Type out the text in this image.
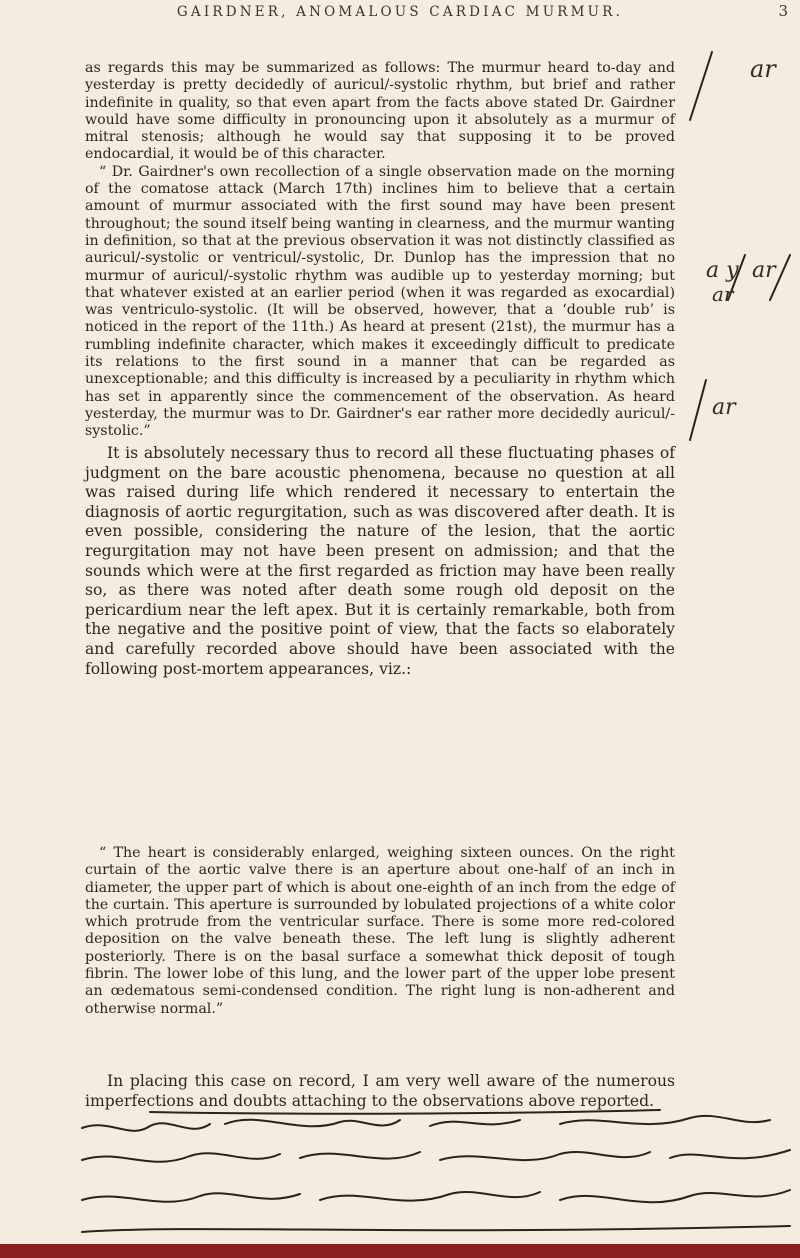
GAIRDNER, ANOMALOUS CARDIAC MURMUR.	3

as regards this may be summarized as follows: The murmur heard to-day and yesterday is pretty decidedly of auricul/-systolic rhythm, but brief and rather indefinite in quality, so that even apart from the facts above stated Dr. Gairdner would have some difficulty in pronouncing upon it absolutely as a murmur of mitral stenosis; although he would say that supposing it to be proved endocardial, it would be of this character.

“ Dr. Gairdner's own recollection of a single observation made on the morning of the comatose attack (March 17th) inclines him to believe that a certain amount of murmur associated with the first sound may have been present throughout; the sound itself being wanting in clearness, and the murmur wanting in definition, so that at the previous observation it was not distinctly classified as auricul/-systolic or ventricul/-systolic, Dr. Dunlop has the impression that no murmur of auricul/-systolic rhythm was audible up to yesterday morning; but that whatever existed at an earlier period (when it was regarded as exocardial) was ventriculo-systolic. (It will be observed, however, that a ‘double rub’ is noticed in the report of the 11th.) As heard at present (21st), the murmur has a rumbling indefinite character, which makes it exceedingly difficult to predicate its relations to the first sound in a manner that can be regarded as unexceptionable; and this difficulty is increased by a peculiarity in rhythm which has set in apparently since the commencement of the observation. As heard yesterday, the murmur was to Dr. Gairdner's ear rather more decidedly auricul/-systolic.”

It is absolutely necessary thus to record all these fluctuating phases of judgment on the bare acoustic phenomena, because no question at all was raised during life which rendered it necessary to entertain the diagnosis of aortic regurgitation, such as was discovered after death. It is even possible, considering the nature of the lesion, that the aortic regurgitation may not have been present on admission; and that the sounds which were at the first regarded as friction may have been really so, as there was noted after death some rough old deposit on the pericardium near the left apex. But it is certainly remarkable, both from the negative and the positive point of view, that the facts so elaborately and carefully recorded above should have been associated with the following post-mortem appearances, viz.:

“ The heart is considerably enlarged, weighing sixteen ounces. On the right curtain of the aortic valve there is an aperture about one-half of an inch in diameter, the upper part of which is about one-eighth of an inch from the edge of the curtain. This aperture is surrounded by lobulated projections of a white color which protrude from the ventricular surface. There is some more red-colored deposition on the valve beneath these. The left lung is slightly adherent posteriorly. There is on the basal surface a somewhat thick deposit of tough fibrin. The lower lobe of this lung, and the lower part of the upper lobe present an œdematous semi-condensed condition. The right lung is non-adherent and otherwise normal.”

In placing this case on record, I am very well aware of the numerous imperfections and doubts attaching to the observations above reported.

ar
a y ar
ar
ar
